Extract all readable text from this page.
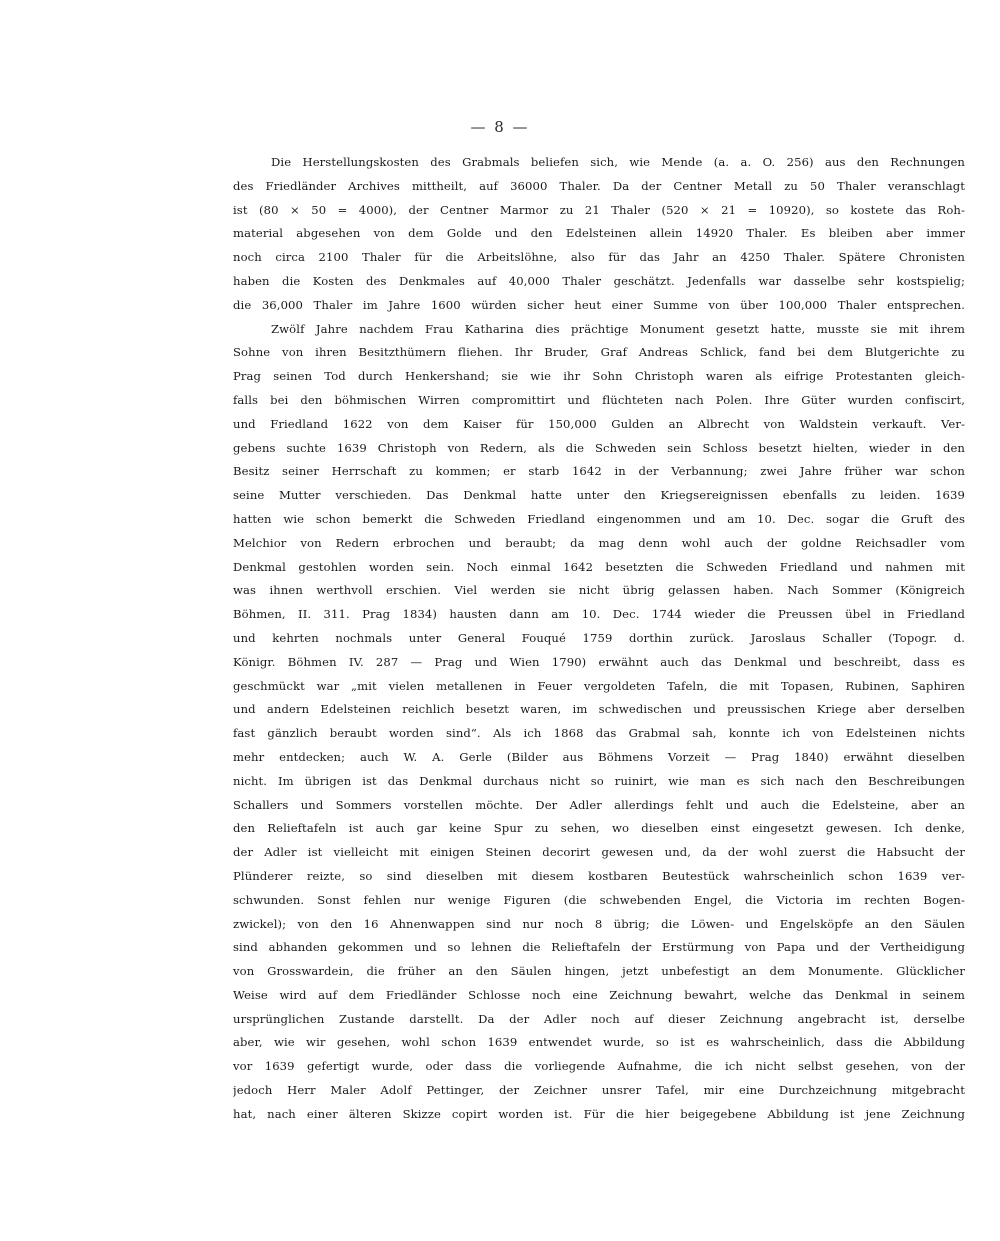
— 8 —
Die Herstellungskosten des Grabmals beliefen sich, wie Mende (a. a. O. 256) aus den Rechnungen
des Friedländer Archives mittheilt, auf 36000 Thaler. Da der Centner Metall zu 50 Thaler veranschlagt
ist (80 × 50 = 4000), der Centner Marmor zu 21 Thaler (520 × 21 = 10920), so kostete das Roh-
material abgesehen von dem Golde und den Edelsteinen allein 14920 Thaler. Es bleiben aber immer
noch circa 2100 Thaler für die Arbeitslöhne, also für das Jahr an 4250 Thaler. Spätere Chronisten
haben die Kosten des Denkmales auf 40,000 Thaler geschätzt. Jedenfalls war dasselbe sehr kostspielig;
die 36,000 Thaler im Jahre 1600 würden sicher heut einer Summe von über 100,000 Thaler entsprechen.
Zwölf Jahre nachdem Frau Katharina dies prächtige Monument gesetzt hatte, musste sie mit ihrem
Sohne von ihren Besitzthümern fliehen. Ihr Bruder, Graf Andreas Schlick, fand bei dem Blutgerichte zu
Prag seinen Tod durch Henkershand; sie wie ihr Sohn Christoph waren als eifrige Protestanten gleich-
falls bei den böhmischen Wirren compromittirt und flüchteten nach Polen. Ihre Güter wurden confiscirt,
und Friedland 1622 von dem Kaiser für 150,000 Gulden an Albrecht von Waldstein verkauft. Ver-
gebens suchte 1639 Christoph von Redern, als die Schweden sein Schloss besetzt hielten, wieder in den
Besitz seiner Herrschaft zu kommen; er starb 1642 in der Verbannung; zwei Jahre früher war schon
seine Mutter verschieden. Das Denkmal hatte unter den Kriegsereignissen ebenfalls zu leiden. 1639
hatten wie schon bemerkt die Schweden Friedland eingenommen und am 10. Dec. sogar die Gruft des
Melchior von Redern erbrochen und beraubt; da mag denn wohl auch der goldne Reichsadler vom
Denkmal gestohlen worden sein. Noch einmal 1642 besetzten die Schweden Friedland und nahmen mit
was ihnen werthvoll erschien. Viel werden sie nicht übrig gelassen haben. Nach Sommer (Königreich
Böhmen, II. 311. Prag 1834) hausten dann am 10. Dec. 1744 wieder die Preussen übel in Friedland
und kehrten nochmals unter General Fouqué 1759 dorthin zurück. Jaroslaus Schaller (Topogr. d.
Königr. Böhmen IV. 287 — Prag und Wien 1790) erwähnt auch das Denkmal und beschreibt, dass es
geschmückt war „mit vielen metallenen in Feuer vergoldeten Tafeln, die mit Topasen, Rubinen, Saphiren
und andern Edelsteinen reichlich besetzt waren, im schwedischen und preussischen Kriege aber derselben
fast gänzlich beraubt worden sind“. Als ich 1868 das Grabmal sah, konnte ich von Edelsteinen nichts
mehr entdecken; auch W. A. Gerle (Bilder aus Böhmens Vorzeit — Prag 1840) erwähnt dieselben
nicht. Im übrigen ist das Denkmal durchaus nicht so ruinirt, wie man es sich nach den Beschreibungen
Schallers und Sommers vorstellen möchte. Der Adler allerdings fehlt und auch die Edelsteine, aber an
den Relieftafeln ist auch gar keine Spur zu sehen, wo dieselben einst eingesetzt gewesen. Ich denke,
der Adler ist vielleicht mit einigen Steinen decorirt gewesen und, da der wohl zuerst die Habsucht der
Plünderer reizte, so sind dieselben mit diesem kostbaren Beutestück wahrscheinlich schon 1639 ver-
schwunden. Sonst fehlen nur wenige Figuren (die schwebenden Engel, die Victoria im rechten Bogen-
zwickel); von den 16 Ahnenwappen sind nur noch 8 übrig; die Löwen- und Engelsköpfe an den Säulen
sind abhanden gekommen und so lehnen die Relieftafeln der Erstürmung von Papa und der Vertheidigung
von Grosswardein, die früher an den Säulen hingen, jetzt unbefestigt an dem Monumente. Glücklicher
Weise wird auf dem Friedländer Schlosse noch eine Zeichnung bewahrt, welche das Denkmal in seinem
ursprünglichen Zustande darstellt. Da der Adler noch auf dieser Zeichnung angebracht ist, derselbe
aber, wie wir gesehen, wohl schon 1639 entwendet wurde, so ist es wahrscheinlich, dass die Abbildung
vor 1639 gefertigt wurde, oder dass die vorliegende Aufnahme, die ich nicht selbst gesehen, von der
jedoch Herr Maler Adolf Pettinger, der Zeichner unsrer Tafel, mir eine Durchzeichnung mitgebracht
hat, nach einer älteren Skizze copirt worden ist. Für die hier beigegebene Abbildung ist jene Zeichnung
